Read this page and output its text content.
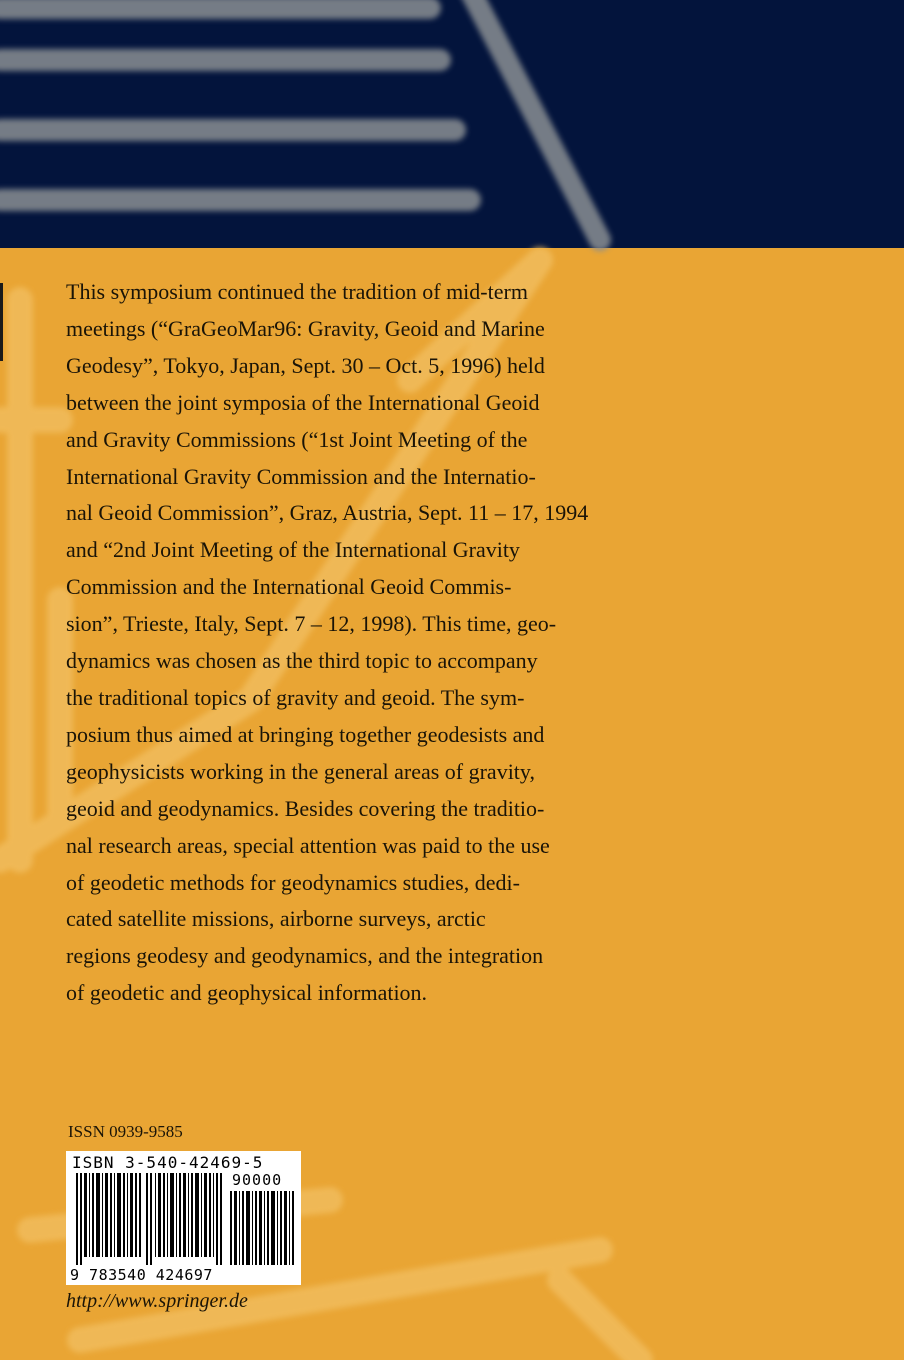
This symposium continued the tradition of mid-term
meetings (“GraGeoMar96: Gravity, Geoid and Marine
Geodesy”, Tokyo, Japan, Sept. 30 – Oct. 5, 1996) held
between the joint symposia of the International Geoid
and Gravity Commissions (“1st Joint Meeting of the
International Gravity Commission and the Internatio-
nal Geoid Commission”, Graz, Austria, Sept. 11 – 17, 1994
and “2nd Joint Meeting of the International Gravity
Commission and the International Geoid Commis-
sion”, Trieste, Italy, Sept. 7 – 12, 1998). This time, geo-
dynamics was chosen as the third topic to accompany
the traditional topics of gravity and geoid. The sym-
posium thus aimed at bringing together geodesists and
geophysicists working in the general areas of gravity,
geoid and geodynamics. Besides covering the traditio-
nal research areas, special attention was paid to the use
of geodetic methods for geodynamics studies, dedi-
cated satellite missions, airborne surveys, arctic
regions geodesy and geodynamics, and the integration
of geodetic and geophysical information.

ISSN 0939-9585

ISBN 3-540-42469-5
90000
9 783540 424697

http://www.springer.de
